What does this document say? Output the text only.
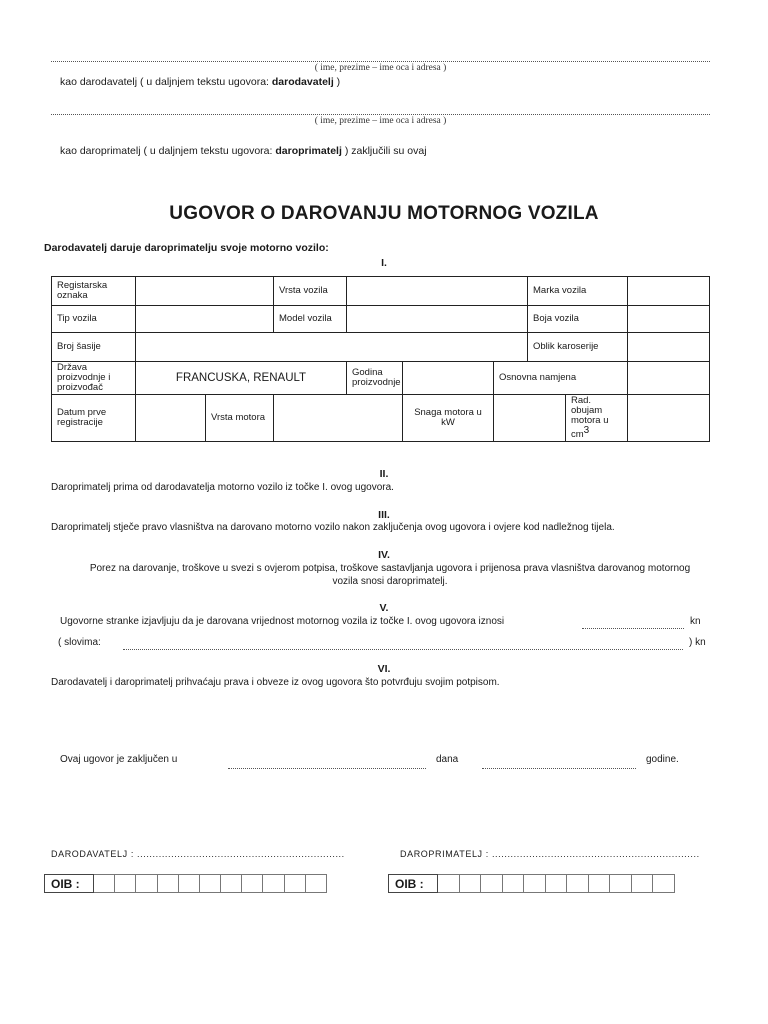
( ime, prezime – ime oca i adresa )
kao darodavatelj ( u daljnjem tekstu ugovora: darodavatelj )
( ime, prezime – ime oca i adresa )
kao daroprimatelj ( u daljnjem tekstu ugovora: daroprimatelj ) zaključili su ovaj
UGOVOR O DAROVANJU MOTORNOG VOZILA
Darodavatelj daruje daroprimatelju svoje motorno vozilo:
I.
Registarska oznaka			Vrsta vozila				Marka vozila		
Tip vozila			Model vozila				Boja vozila		
Broj šasije							Oblik karoserije		
Država proizvodnje i proizvođač	FRANCUSKA, RENAULT			Godina proizvodnje		Osnovna namjena			
Datum prve registracije		Vrsta motora			Snaga motora u kW			Rad. obujam motora u $cm^3$	
II.
Daroprimatelj prima od darodavatelja motorno vozilo iz točke I. ovog ugovora.
III.
Daroprimatelj stječe pravo vlasništva na darovano motorno vozilo nakon zaključenja ovog ugovora i ovjere kod nadležnog tijela.
IV.
Porez na darovanje, troškove u svezi s ovjerom potpisa, troškove sastavljanja ugovora i prijenosa prava vlasništva darovanog motornog
vozila snosi daroprimatelj.
V.
Ugovorne stranke izjavljuju da je darovana vrijednost motornog vozila iz točke I. ovog ugovora iznosi	kn
( slovima:	) kn
VI.
Darodavatelj i daroprimatelj prihvaćaju prava i obveze iz ovog ugovora što potvrđuju svojim potpisom.
Ovaj ugovor je zaključen u	dana	godine.
DARODAVATELJ : ...................................................................	DAROPRIMATELJ : ...................................................................
OIB :												OIB :											
